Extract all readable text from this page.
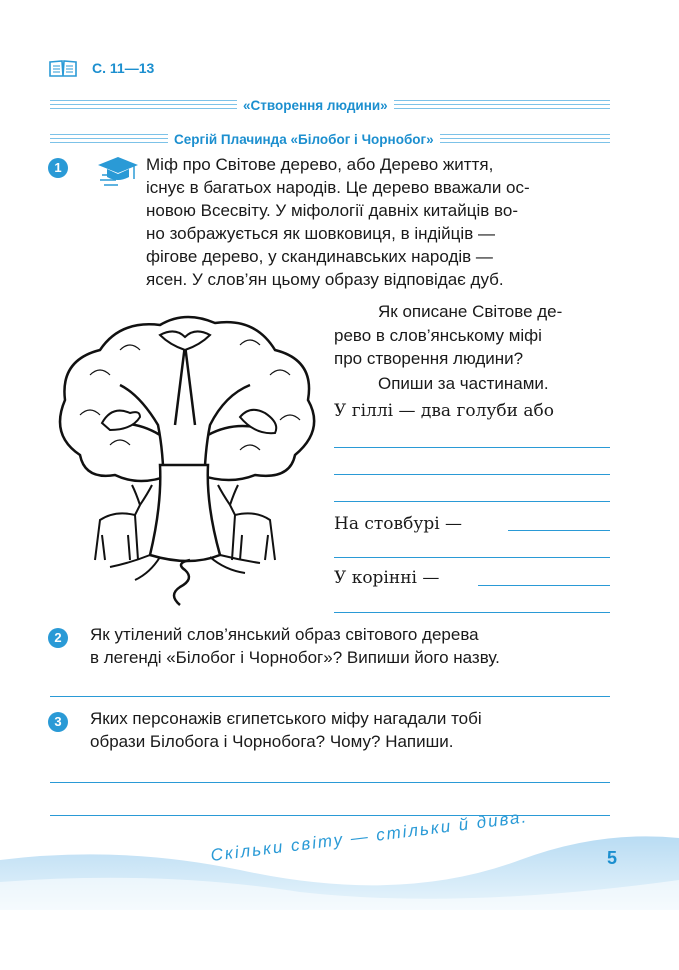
С. 11—13
«Створення людини»
Сергій Плачинда «Білобог і Чорнобог»
1	Міф про Світове дерево, або Дерево життя,
існує в багатьох народів. Це дерево вважали ос-
новою Всесвіту. У міфології давніх китайців во-
но зображується як шовковиця, в індійців —
фігове дерево, у скандинавських народів —
ясен. У слов’ян цьому образу відповідає дуб.
Як описане Світове де-
рево в слов’янському міфі
про створення людини?
Опиши за частинами.
У гіллі — два голуби або
На стовбурі —
У корінні —
2	Як утілений слов’янський образ світового дерева
в легенді «Білобог і Чорнобог»? Випиши його назву.
3	Яких персонажів єгипетського міфу нагадали тобі
образи Білобога і Чорнобога? Чому? Напиши.
Скільки світу — стільки й дива.	5
